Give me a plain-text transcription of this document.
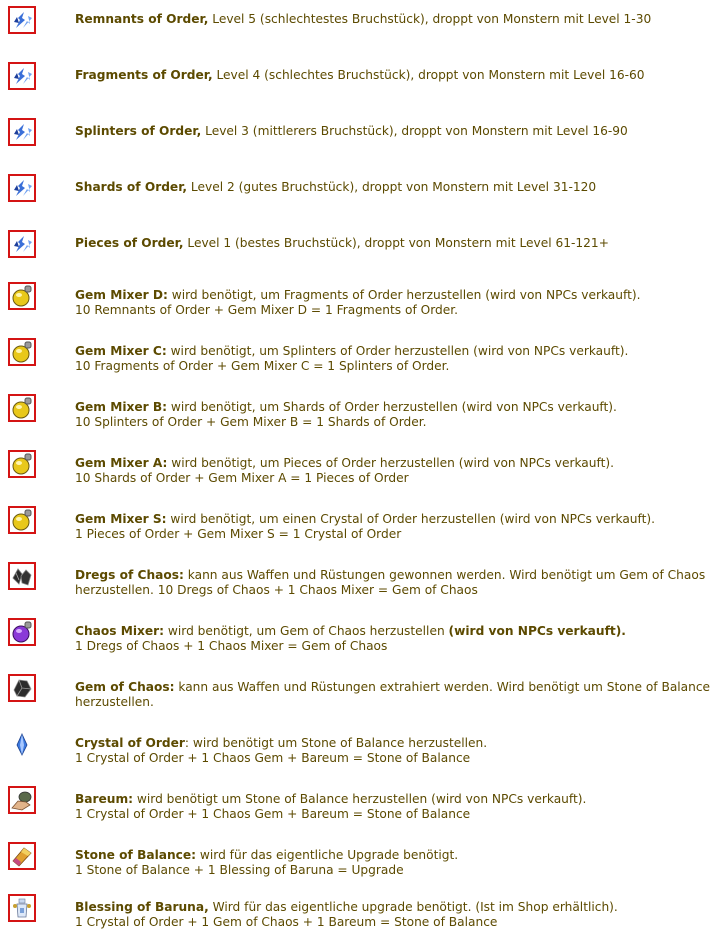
Remnants of Order, Level 5 (schlechtestes Bruchstück), droppt von Monstern mit Level 1-30
Fragments of Order, Level 4 (schlechtes Bruchstück), droppt von Monstern mit Level 16-60
Splinters of Order, Level 3 (mittlerers Bruchstück), droppt von Monstern mit Level 16-90
Shards of Order, Level 2 (gutes Bruchstück), droppt von Monstern mit Level 31-120
Pieces of Order, Level 1 (bestes Bruchstück), droppt von Monstern mit Level 61-121+
Gem Mixer D: wird benötigt, um Fragments of Order herzustellen (wird von NPCs verkauft).
10 Remnants of Order + Gem Mixer D = 1 Fragments of Order.
Gem Mixer C: wird benötigt, um Splinters of Order herzustellen (wird von NPCs verkauft).
10 Fragments of Order + Gem Mixer C = 1 Splinters of Order.
Gem Mixer B: wird benötigt, um Shards of Order herzustellen (wird von NPCs verkauft).
10 Splinters of Order + Gem Mixer B = 1 Shards of Order.
Gem Mixer A: wird benötigt, um Pieces of Order herzustellen (wird von NPCs verkauft).
10 Shards of Order + Gem Mixer A = 1 Pieces of Order
Gem Mixer S: wird benötigt, um einen Crystal of Order herzustellen (wird von NPCs verkauft).
1 Pieces of Order + Gem Mixer S = 1 Crystal of Order
Dregs of Chaos: kann aus Waffen und Rüstungen gewonnen werden. Wird benötigt um Gem of Chaos herzustellen. 10 Dregs of Chaos + 1 Chaos Mixer = Gem of Chaos
Chaos Mixer: wird benötigt, um Gem of Chaos herzustellen (wird von NPCs verkauft).
1 Dregs of Chaos + 1 Chaos Mixer = Gem of Chaos
Gem of Chaos: kann aus Waffen und Rüstungen extrahiert werden. Wird benötigt um Stone of Balance herzustellen.
Crystal of Order: wird benötigt um Stone of Balance herzustellen.
1 Crystal of Order + 1 Chaos Gem + Bareum = Stone of Balance
Bareum: wird benötigt um Stone of Balance herzustellen (wird von NPCs verkauft).
1 Crystal of Order + 1 Chaos Gem + Bareum = Stone of Balance
Stone of Balance: wird für das eigentliche Upgrade benötigt.
1 Stone of Balance + 1 Blessing of Baruna = Upgrade
Blessing of Baruna, Wird für das eigentliche upgrade benötigt. (Ist im Shop erhältlich).
1 Crystal of Order + 1 Gem of Chaos + 1 Bareum = Stone of Balance
